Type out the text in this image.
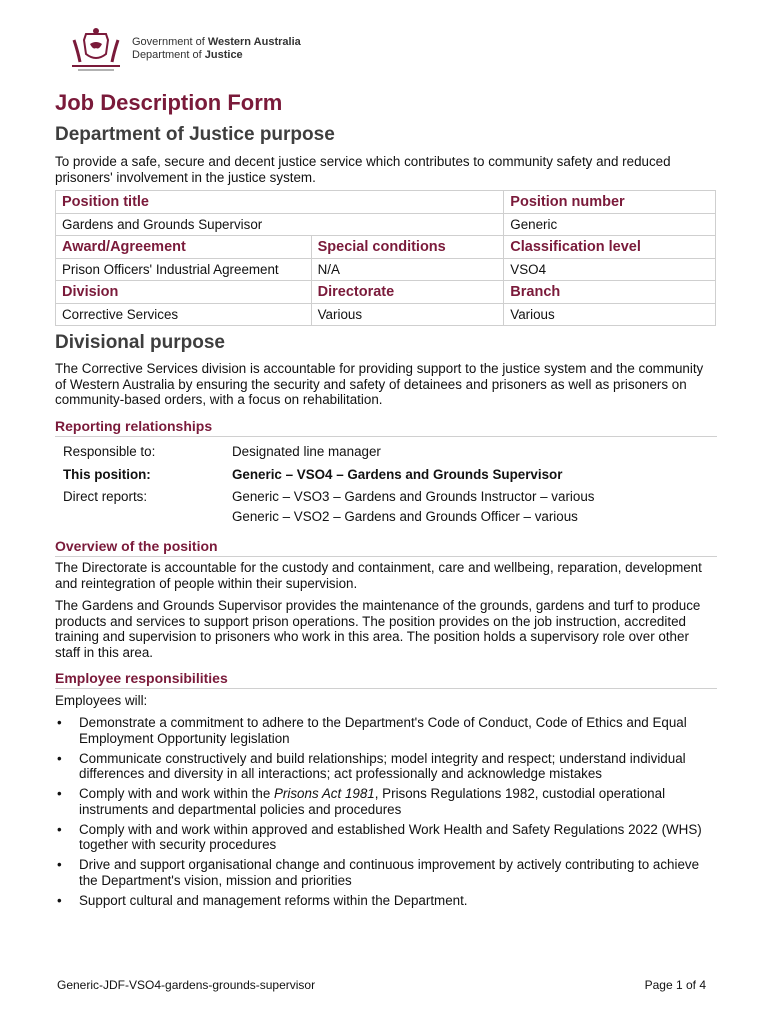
Government of Western Australia
Department of Justice
Job Description Form
Department of Justice purpose
To provide a safe, secure and decent justice service which contributes to community safety and reduced prisoners' involvement in the justice system.
Position title		Position number
Gardens and Grounds Supervisor		Generic
Award/Agreement	Special conditions	Classification level
Prison Officers' Industrial Agreement	N/A	VSO4
Division	Directorate	Branch
Corrective Services	Various	Various
Divisional purpose
The Corrective Services division is accountable for providing support to the justice system and the community of Western Australia by ensuring the security and safety of detainees and prisoners as well as prisoners on community-based orders, with a focus on rehabilitation.
Reporting relationships
Responsible to:	Designated line manager
This position:	Generic – VSO4 – Gardens and Grounds Supervisor
Direct reports:	Generic – VSO3 – Gardens and Grounds Instructor – various
Generic – VSO2 – Gardens and Grounds Officer – various
Overview of the position
The Directorate is accountable for the custody and containment, care and wellbeing, reparation, development and reintegration of people within their supervision.
The Gardens and Grounds Supervisor provides the maintenance of the grounds, gardens and turf to produce products and services to support prison operations. The position provides on the job instruction, accredited training and supervision to prisoners who work in this area. The position holds a supervisory role over other staff in this area.
Employee responsibilities
Employees will:
• Demonstrate a commitment to adhere to the Department's Code of Conduct, Code of Ethics and Equal Employment Opportunity legislation
• Communicate constructively and build relationships; model integrity and respect; understand individual differences and diversity in all interactions; act professionally and acknowledge mistakes
• Comply with and work within the Prisons Act 1981, Prisons Regulations 1982, custodial operational instruments and departmental policies and procedures
• Comply with and work within approved and established Work Health and Safety Regulations 2022 (WHS) together with security procedures
• Drive and support organisational change and continuous improvement by actively contributing to achieve the Department's vision, mission and priorities
• Support cultural and management reforms within the Department.
Generic-JDF-VSO4-gardens-grounds-supervisor	Page 1 of 4
